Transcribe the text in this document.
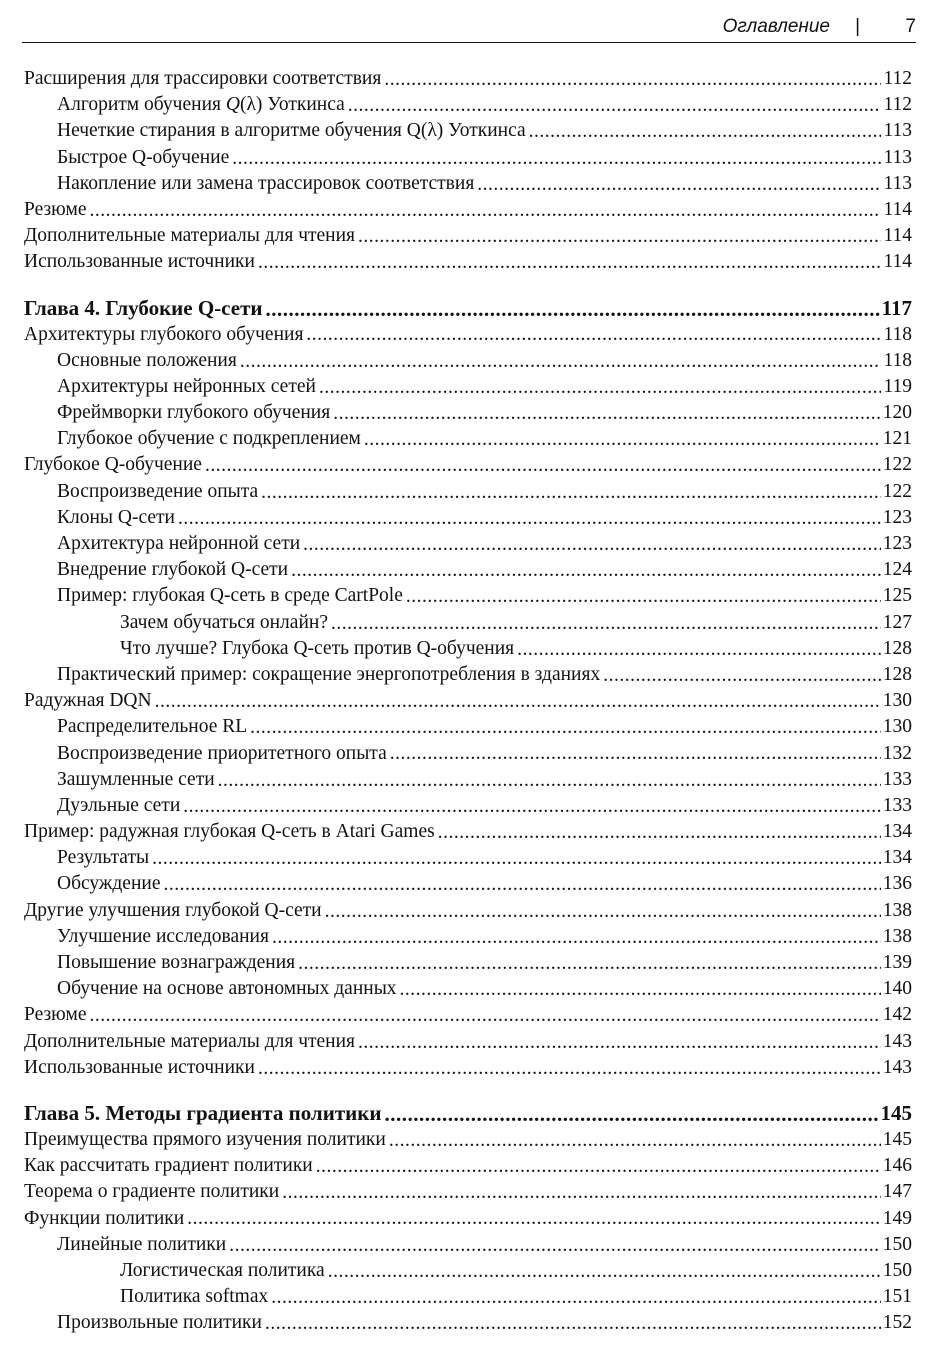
Оглавление | 7
Расширения для трассировки соответствия .....	112
Алгоритм обучения Q(λ) Уоткинса .....	112
Нечеткие стирания в алгоритме обучения Q(λ) Уоткинса .....	113
Быстрое Q-обучение .....	113
Накопление или замена трассировок соответствия .....	113
Резюме .....	114
Дополнительные материалы для чтения .....	114
Использованные источники .....	114
Глава 4. Глубокие Q-сети .....	117
Архитектуры глубокого обучения .....	118
Основные положения .....	118
Архитектуры нейронных сетей .....	119
Фреймворки глубокого обучения .....	120
Глубокое обучение с подкреплением .....	121
Глубокое Q-обучение .....	122
Воспроизведение опыта .....	122
Клоны Q-сети .....	123
Архитектура нейронной сети .....	123
Внедрение глубокой Q-сети .....	124
Пример: глубокая Q-сеть в среде CartPole .....	125
Зачем обучаться онлайн? .....	127
Что лучше? Глубока Q-сеть против Q-обучения .....	128
Практический пример: сокращение энергопотребления в зданиях .....	128
Радужная DQN .....	130
Распределительное RL .....	130
Воспроизведение приоритетного опыта .....	132
Зашумленные сети .....	133
Дуэльные сети .....	133
Пример: радужная глубокая Q-сеть в Atari Games .....	134
Результаты .....	134
Обсуждение .....	136
Другие улучшения глубокой Q-сети .....	138
Улучшение исследования .....	138
Повышение вознаграждения .....	139
Обучение на основе автономных данных .....	140
Резюме .....	142
Дополнительные материалы для чтения .....	143
Использованные источники .....	143
Глава 5. Методы градиента политики .....	145
Преимущества прямого изучения политики .....	145
Как рассчитать градиент политики .....	146
Теорема о градиенте политики .....	147
Функции политики .....	149
Линейные политики .....	150
Логистическая политика .....	150
Политика softmax .....	151
Произвольные политики .....	152
